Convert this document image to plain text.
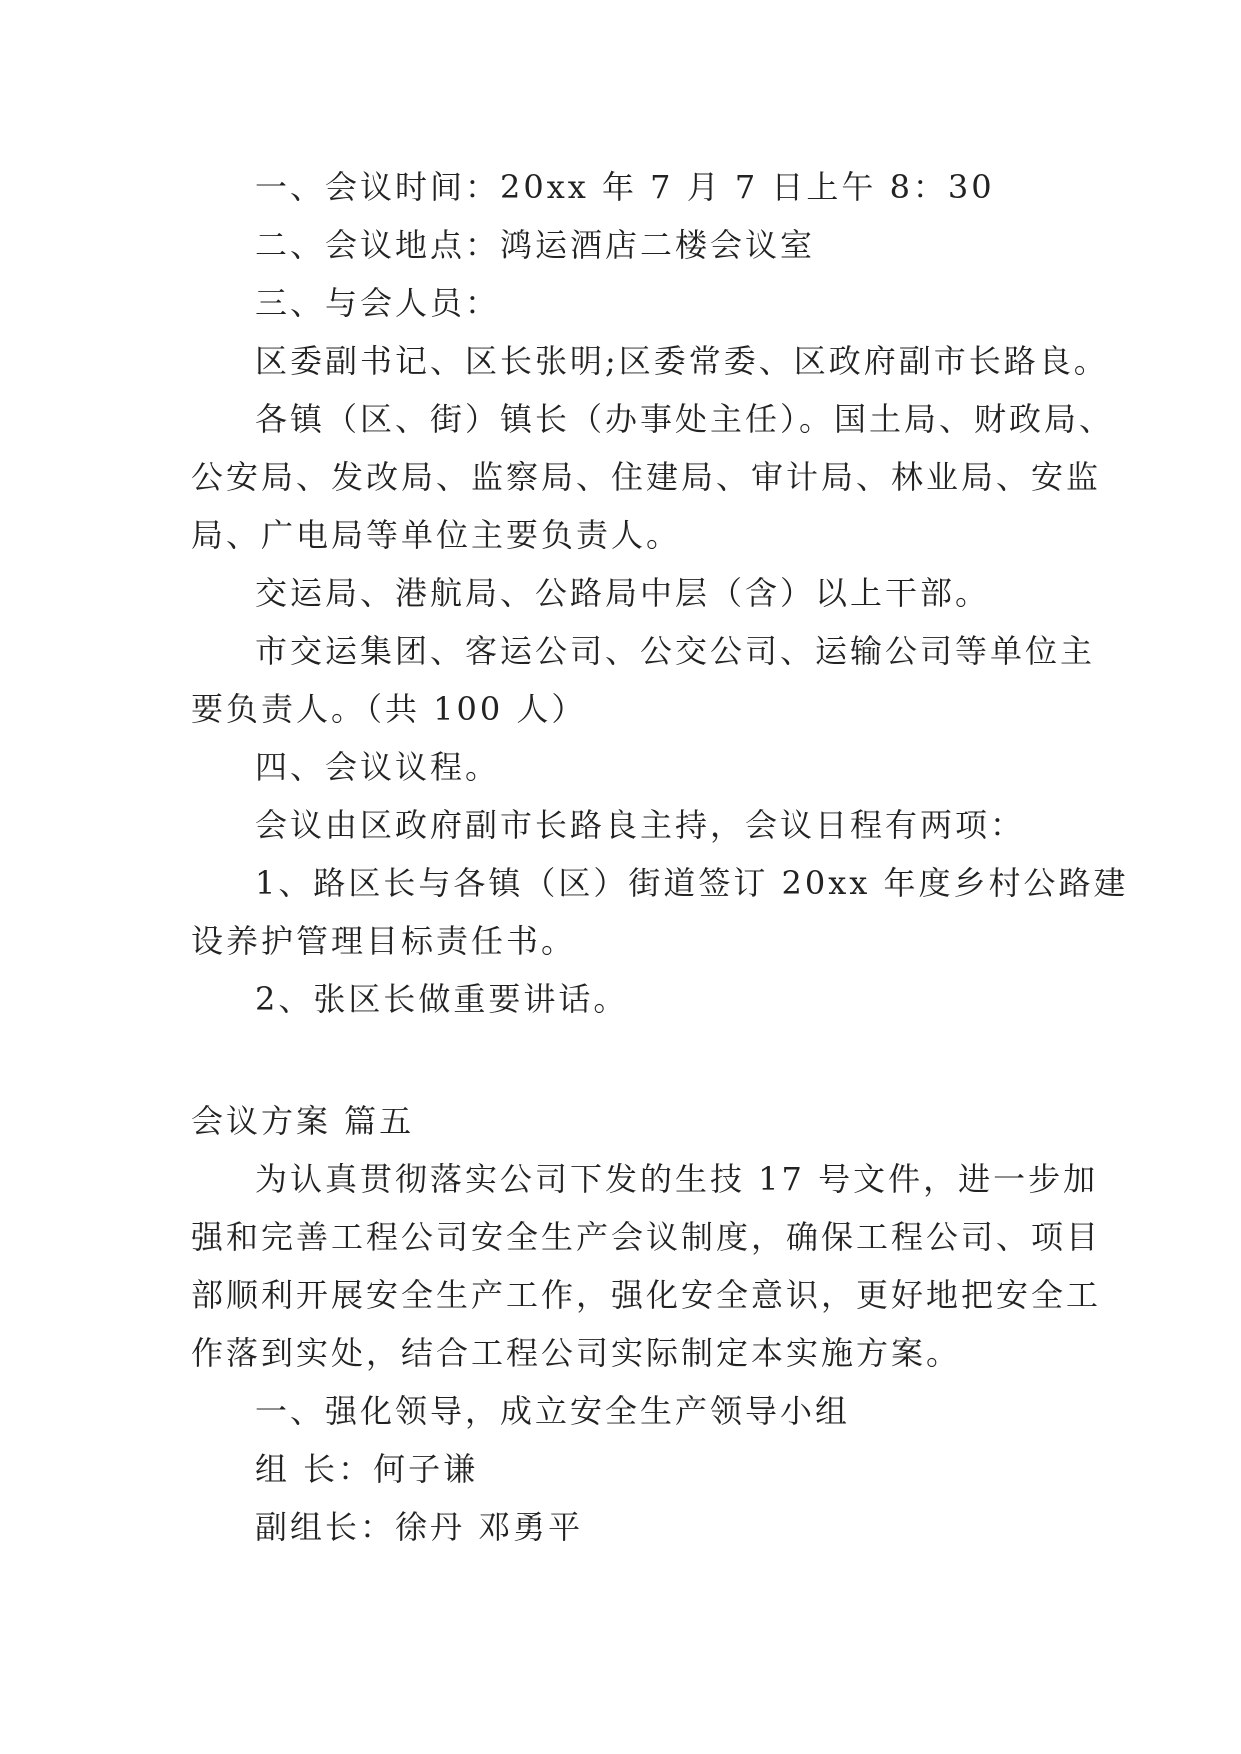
一、会议时间：20xx 年 7 月 7 日上午 8：30
二、会议地点：鸿运酒店二楼会议室
三、与会人员：
区委副书记、区长张明;区委常委、区政府副市长路良。
各镇（区、街）镇长（办事处主任）。国土局、财政局、
公安局、发改局、监察局、住建局、审计局、林业局、安监
局、广电局等单位主要负责人。
交运局、港航局、公路局中层（含）以上干部。
市交运集团、客运公司、公交公司、运输公司等单位主
要负责人。（共 100 人）
四、会议议程。
会议由区政府副市长路良主持，会议日程有两项：
1、路区长与各镇（区）街道签订 20xx 年度乡村公路建
设养护管理目标责任书。
2、张区长做重要讲话。
会议方案 篇五
为认真贯彻落实公司下发的生技 17 号文件，进一步加
强和完善工程公司安全生产会议制度，确保工程公司、项目
部顺利开展安全生产工作，强化安全意识，更好地把安全工
作落到实处，结合工程公司实际制定本实施方案。
一、强化领导，成立安全生产领导小组
组 长：何子谦
副组长：徐丹 邓勇平
